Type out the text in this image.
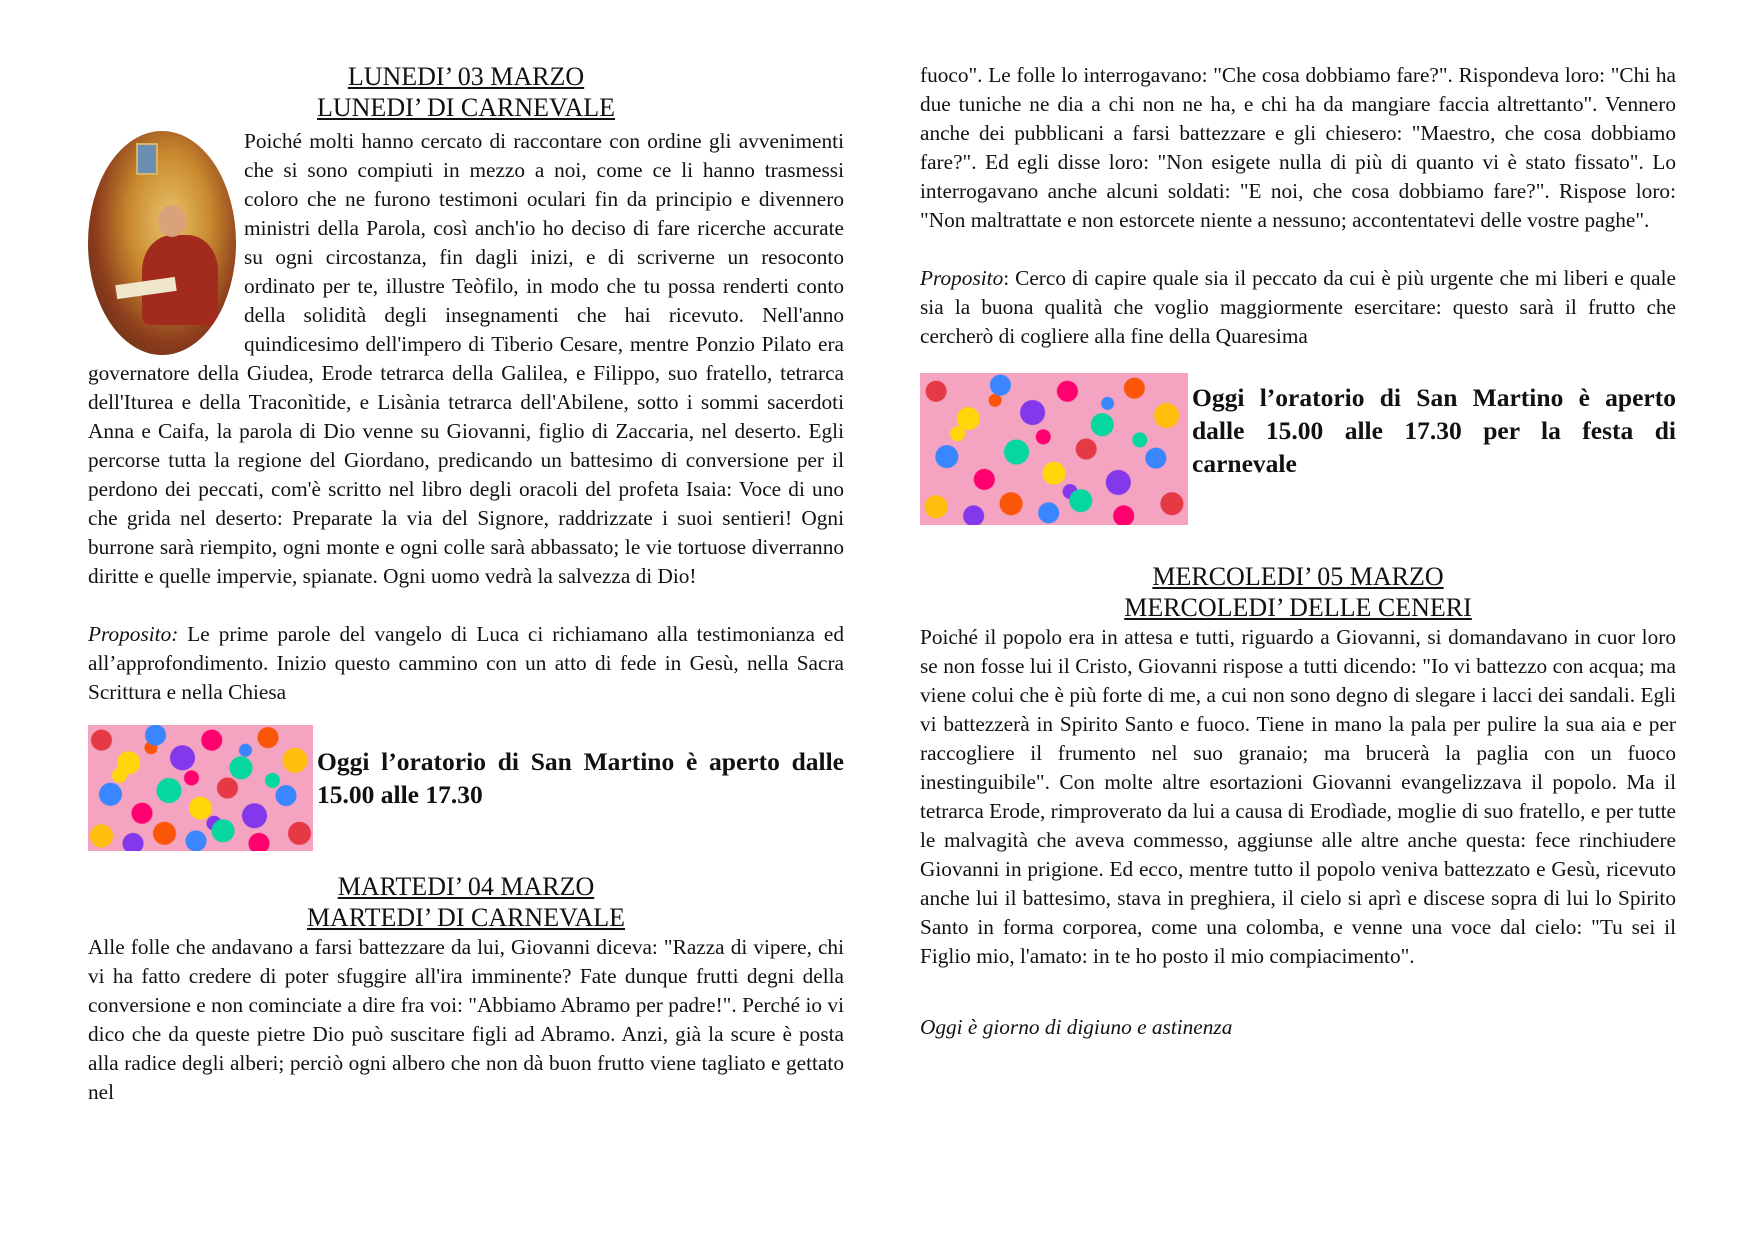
LUNEDI’ 03 MARZO

LUNEDI’ DI CARNEVALE

Poiché molti hanno cercato di raccontare con ordine gli avvenimenti che si sono compiuti in mezzo a noi, come ce li hanno trasmessi coloro che ne furono testimoni oculari fin da principio e divennero ministri della Parola, così anch'io ho deciso di fare ricerche accurate su ogni circostanza, fin dagli inizi, e di scriverne un resoconto ordinato per te, illustre Teòfilo, in modo che tu possa renderti conto della solidità degli insegnamenti che hai ricevuto. Nell'anno quindicesimo dell'impero di Tiberio Cesare, mentre Ponzio Pilato era governatore della Giudea, Erode tetrarca della Galilea, e Filippo, suo fratello, tetrarca dell'Iturea e della Traconìtide, e Lisània tetrarca dell'Abilene, sotto i sommi sacerdoti Anna e Caifa, la parola di Dio venne su Giovanni, figlio di Zaccaria, nel deserto. Egli percorse tutta la regione del Giordano, predicando un battesimo di conversione per il perdono dei peccati, com'è scritto nel libro degli oracoli del profeta Isaia: Voce di uno che grida nel deserto: Preparate la via del Signore, raddrizzate i suoi sentieri! Ogni burrone sarà riempito, ogni monte e ogni colle sarà abbassato; le vie tortuose diverranno diritte e quelle impervie, spianate. Ogni uomo vedrà la salvezza di Dio!

Proposito: Le prime parole del vangelo di Luca ci richiamano alla testimonianza ed all’approfondimento. Inizio questo cammino con un atto di fede in Gesù, nella Sacra Scrittura e nella Chiesa

Oggi l’oratorio di San Martino è aperto dalle 15.00 alle 17.30

MARTEDI’ 04 MARZO

MARTEDI’ DI CARNEVALE

Alle folle che andavano a farsi battezzare da lui, Giovanni diceva: "Razza di vipere, chi vi ha fatto credere di poter sfuggire all'ira imminente? Fate dunque frutti degni della conversione e non cominciate a dire fra voi: "Abbiamo Abramo per padre!". Perché io vi dico che da queste pietre Dio può suscitare figli ad Abramo. Anzi, già la scure è posta alla radice degli alberi; perciò ogni albero che non dà buon frutto viene tagliato e gettato nel

fuoco". Le folle lo interrogavano: "Che cosa dobbiamo fare?". Rispondeva loro: "Chi ha due tuniche ne dia a chi non ne ha, e chi ha da mangiare faccia altrettanto". Vennero anche dei pubblicani a farsi battezzare e gli chiesero: "Maestro, che cosa dobbiamo fare?". Ed egli disse loro: "Non esigete nulla di più di quanto vi è stato fissato". Lo interrogavano anche alcuni soldati: "E noi, che cosa dobbiamo fare?". Rispose loro: "Non maltrattate e non estorcete niente a nessuno; accontentatevi delle vostre paghe".

Proposito: Cerco di capire quale sia il peccato da cui è più urgente che mi liberi e quale sia la buona qualità che voglio maggiormente esercitare: questo sarà il frutto che cercherò di cogliere alla fine della Quaresima

Oggi l’oratorio di San Martino è aperto dalle 15.00 alle 17.30 per la festa di carnevale

MERCOLEDI’ 05 MARZO

MERCOLEDI’ DELLE CENERI

Poiché il popolo era in attesa e tutti, riguardo a Giovanni, si domandavano in cuor loro se non fosse lui il Cristo, Giovanni rispose a tutti dicendo: "Io vi battezzo con acqua; ma viene colui che è più forte di me, a cui non sono degno di slegare i lacci dei sandali. Egli vi battezzerà in Spirito Santo e fuoco. Tiene in mano la pala per pulire la sua aia e per raccogliere il frumento nel suo granaio; ma brucerà la paglia con un fuoco inestinguibile". Con molte altre esortazioni Giovanni evangelizzava il popolo. Ma il tetrarca Erode, rimproverato da lui a causa di Erodìade, moglie di suo fratello, e per tutte le malvagità che aveva commesso, aggiunse alle altre anche questa: fece rinchiudere Giovanni in prigione. Ed ecco, mentre tutto il popolo veniva battezzato e Gesù, ricevuto anche lui il battesimo, stava in preghiera, il cielo si aprì e discese sopra di lui lo Spirito Santo in forma corporea, come una colomba, e venne una voce dal cielo: "Tu sei il Figlio mio, l'amato: in te ho posto il mio compiacimento".

Oggi è giorno di digiuno e astinenza
